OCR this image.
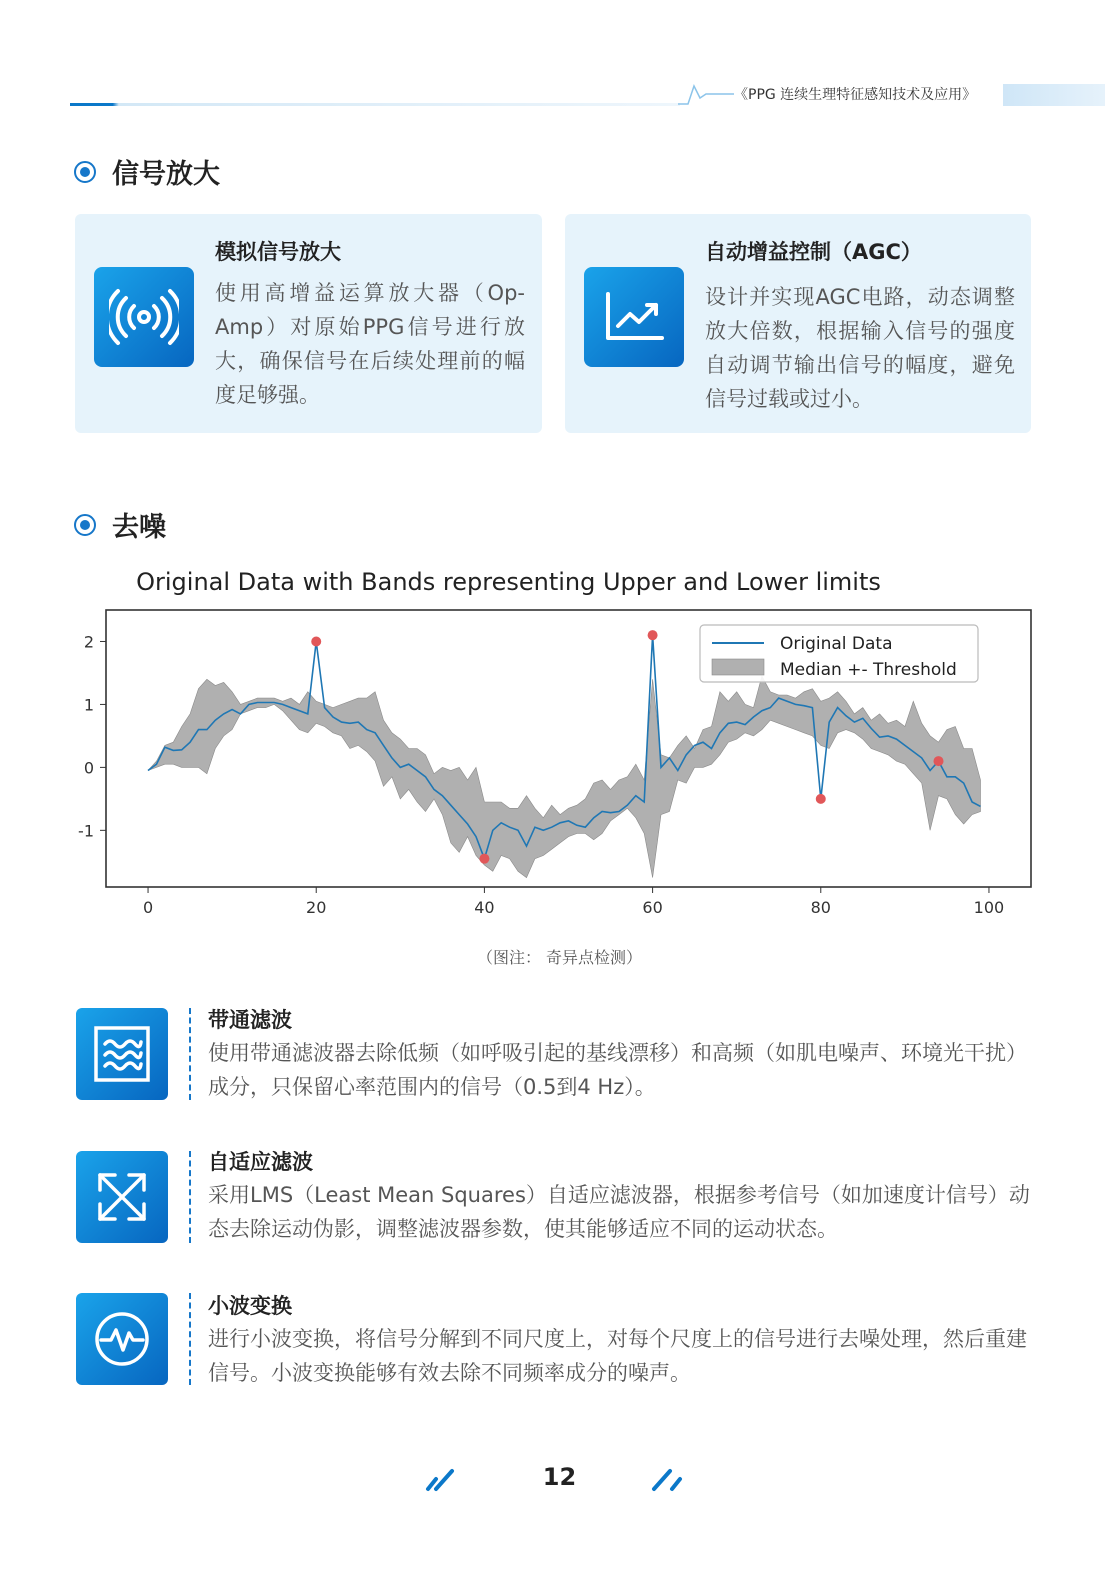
《PPG 连续生理特征感知技术及应用》
信号放大
模拟信号放大
使用高增益运算放大器（Op-Amp）对原始PPG信号进行放大，确保信号在后续处理前的幅度足够强。
自动增益控制（AGC）
设计并实现AGC电路，动态调整放大倍数，根据输入信号的强度自动调节输出信号的幅度，避免信号过载或过小。
去噪
Original Data with Bands representing Upper and Lower limits
0	20	40	60	80	100
2
1
0
-1
Original Data
Median +- Threshold
（图注： 奇异点检测）
带通滤波
使用带通滤波器去除低频（如呼吸引起的基线漂移）和高频（如肌电噪声、环境光干扰）成分，只保留心率范围内的信号（0.5到4 Hz）。
自适应滤波
采用LMS（Least Mean Squares）自适应滤波器，根据参考信号（如加速度计信号）动态去除运动伪影，调整滤波器参数，使其能够适应不同的运动状态。
小波变换
进行小波变换，将信号分解到不同尺度上，对每个尺度上的信号进行去噪处理，然后重建信号。小波变换能够有效去除不同频率成分的噪声。
12
